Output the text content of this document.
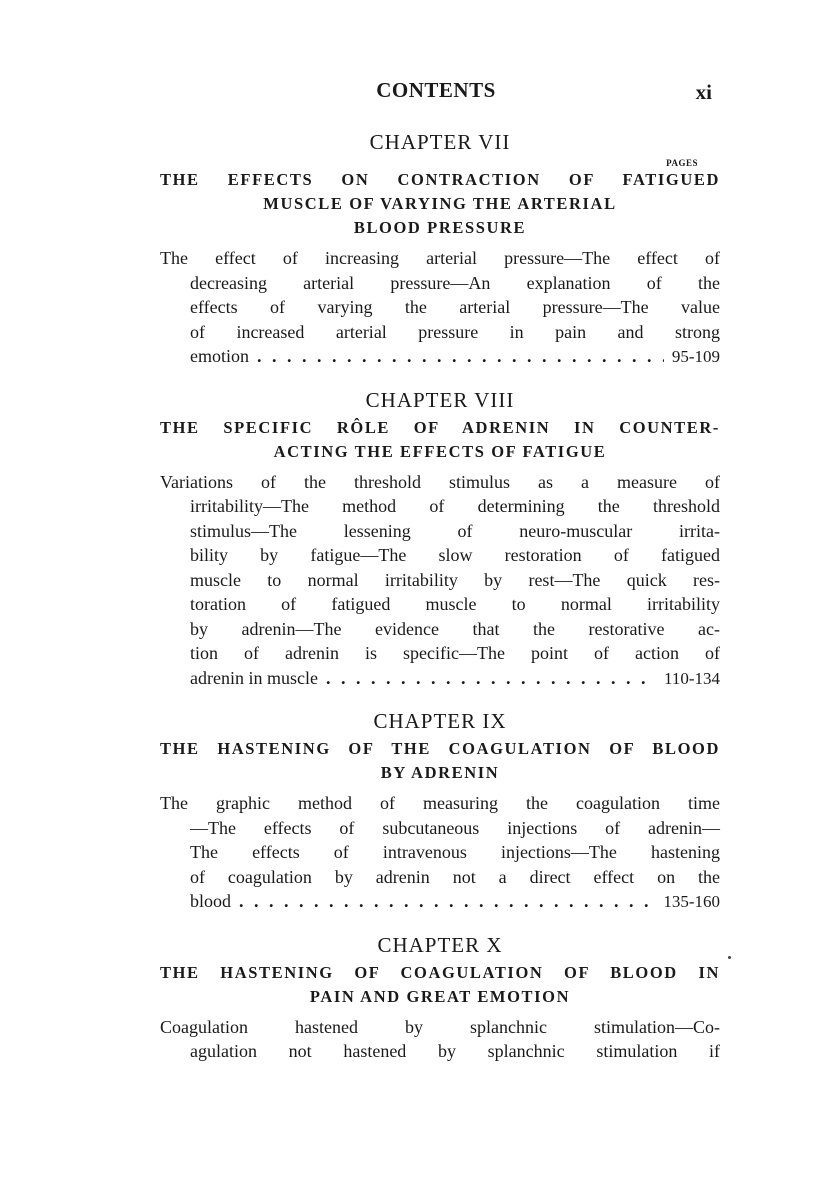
CONTENTS	xi
CHAPTER VII
PAGES
THE EFFECTS ON CONTRACTION OF FATIGUED
MUSCLE OF VARYING THE ARTERIAL
BLOOD PRESSURE
The effect of increasing arterial pressure—The effect of
decreasing arterial pressure—An explanation of the
effects of varying the arterial pressure—The value
of increased arterial pressure in pain and strong
emotion . . .	95-109
CHAPTER VIII
THE SPECIFIC RÔLE OF ADRENIN IN COUNTER-
ACTING THE EFFECTS OF FATIGUE
Variations of the threshold stimulus as a measure of
irritability—The method of determining the threshold
stimulus—The lessening of neuro-muscular irrita-
bility by fatigue—The slow restoration of fatigued
muscle to normal irritability by rest—The quick res-
toration of fatigued muscle to normal irritability
by adrenin—The evidence that the restorative ac-
tion of adrenin is specific—The point of action of
adrenin in muscle . . .	110-134
CHAPTER IX
THE HASTENING OF THE COAGULATION OF BLOOD
BY ADRENIN
The graphic method of measuring the coagulation time
—The effects of subcutaneous injections of adrenin—
The effects of intravenous injections—The hastening
of coagulation by adrenin not a direct effect on the
blood . . .	135-160
CHAPTER X
THE HASTENING OF COAGULATION OF BLOOD IN
PAIN AND GREAT EMOTION
Coagulation hastened by splanchnic stimulation—Co-
agulation not hastened by splanchnic stimulation if
